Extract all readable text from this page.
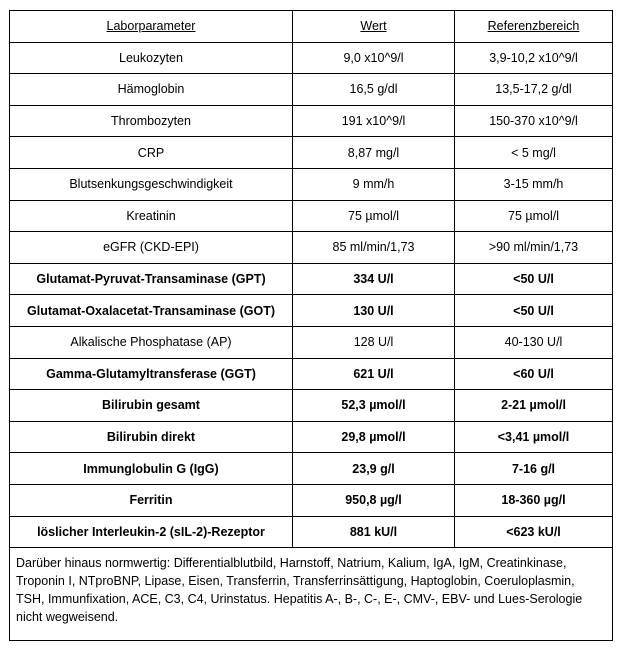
Laborparameter	Wert	Referenzbereich
Leukozyten	9,0 x10^9/l	3,9-10,2 x10^9/l
Hämoglobin	16,5 g/dl	13,5-17,2 g/dl
Thrombozyten	191 x10^9/l	150-370 x10^9/l
CRP	8,87 mg/l	< 5 mg/l
Blutsenkungsgeschwindigkeit	9 mm/h	3-15 mm/h
Kreatinin	75 µmol/l	75 µmol/l
eGFR (CKD-EPI)	85 ml/min/1,73	>90 ml/min/1,73
Glutamat-Pyruvat-Transaminase (GPT)	334 U/l	<50 U/l
Glutamat-Oxalacetat-Transaminase (GOT)	130 U/l	<50 U/l
Alkalische Phosphatase (AP)	128 U/l	40-130 U/l
Gamma-Glutamyltransferase (GGT)	621 U/l	<60 U/l
Bilirubin gesamt	52,3 µmol/l	2-21 µmol/l
Bilirubin direkt	29,8 µmol/l	<3,41 µmol/l
Immunglobulin G (IgG)	23,9 g/l	7-16 g/l
Ferritin	950,8 µg/l	18-360 µg/l
löslicher Interleukin-2 (sIL-2)-Rezeptor	881 kU/l	<623 kU/l
Darüber hinaus normwertig: Differentialblutbild, Harnstoff, Natrium, Kalium, IgA, IgM, Creatinkinase, Troponin I, NTproBNP, Lipase, Eisen, Transferrin, Transferrinsättigung, Haptoglobin, Coeruloplasmin, TSH, Immunfixation, ACE, C3, C4, Urinstatus. Hepatitis A-, B-, C-, E-, CMV-, EBV- und Lues-Serologie nicht wegweisend.		
